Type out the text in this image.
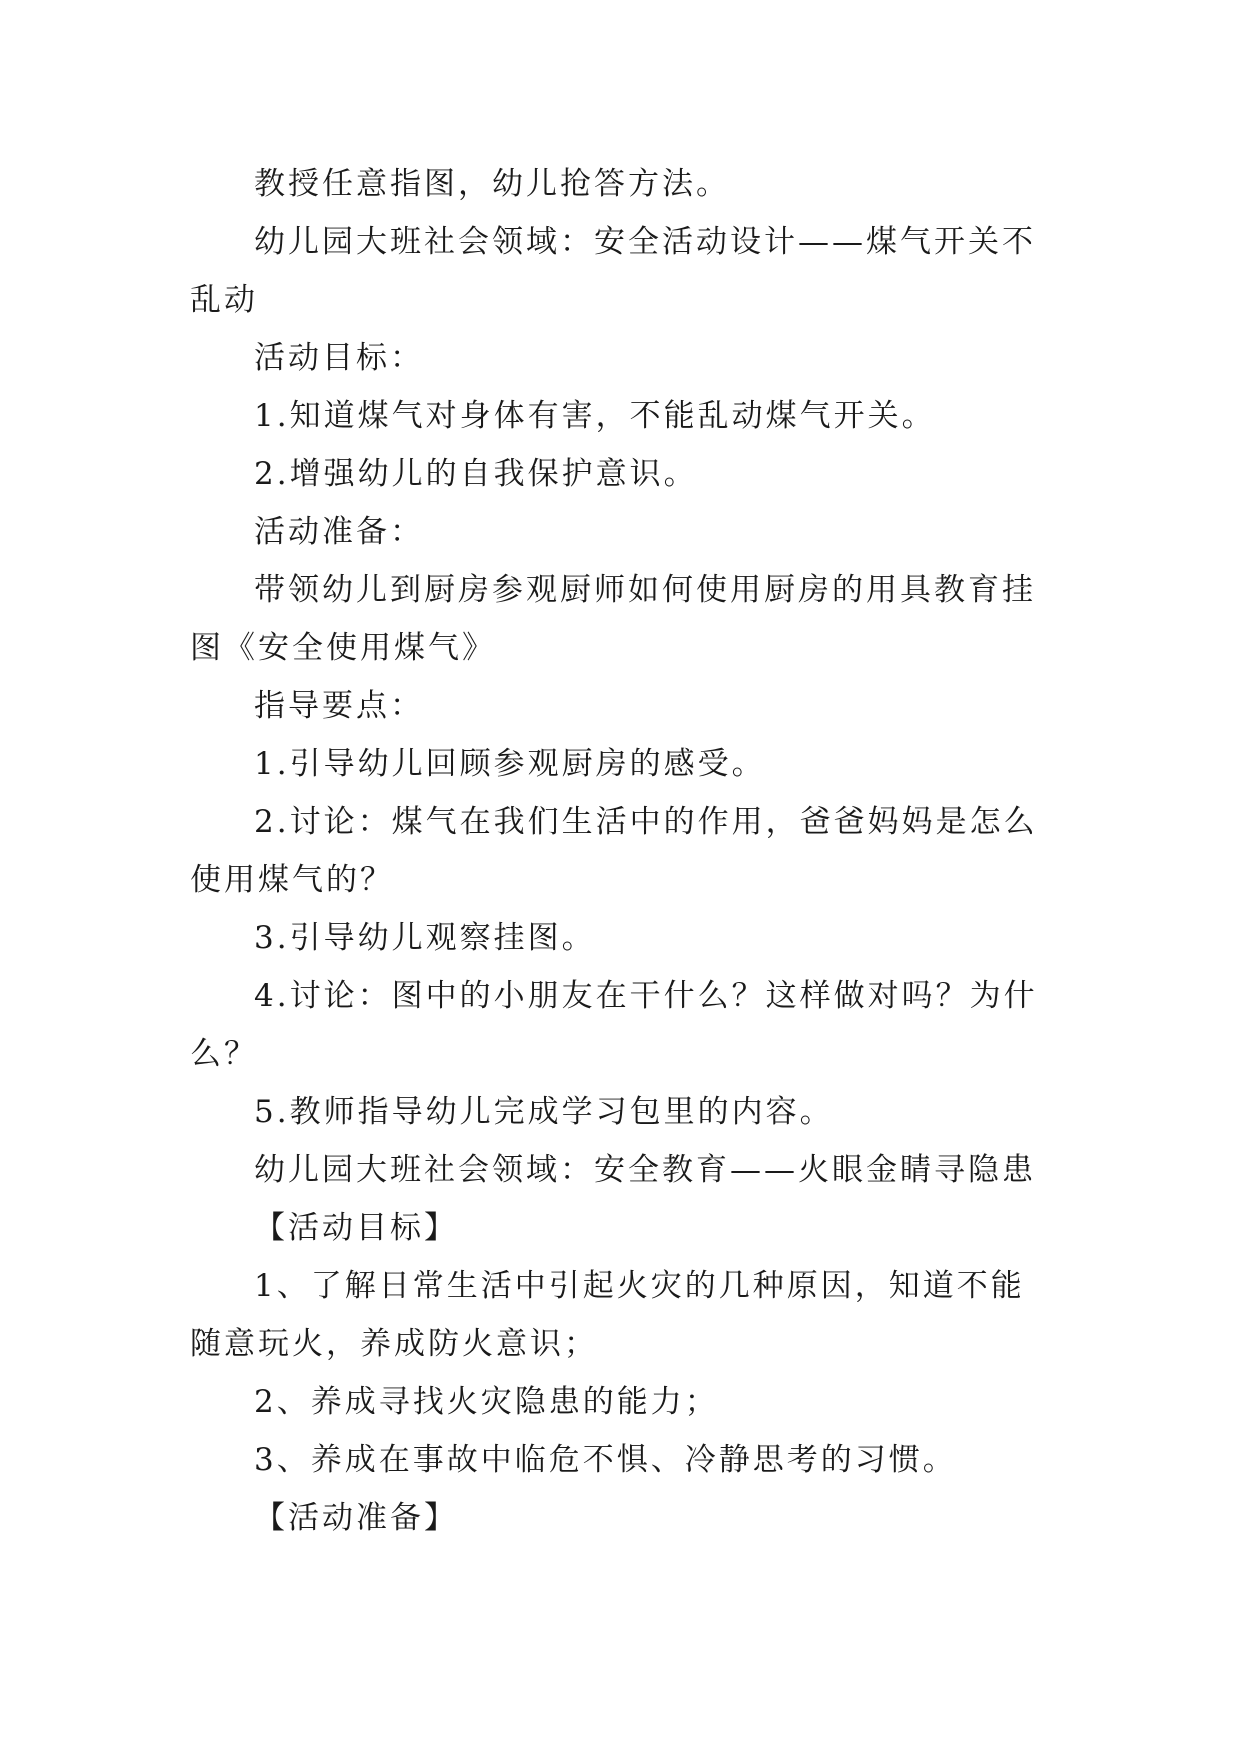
教授任意指图，幼儿抢答方法。

幼儿园大班社会领域：安全活动设计——煤气开关不乱动

活动目标：

1.知道煤气对身体有害，不能乱动煤气开关。

2.增强幼儿的自我保护意识。

活动准备：

带领幼儿到厨房参观厨师如何使用厨房的用具教育挂图《安全使用煤气》

指导要点：

1.引导幼儿回顾参观厨房的感受。

2.讨论：煤气在我们生活中的作用，爸爸妈妈是怎么使用煤气的？

3.引导幼儿观察挂图。

4.讨论：图中的小朋友在干什么？这样做对吗？为什么？

5.教师指导幼儿完成学习包里的内容。

幼儿园大班社会领域：安全教育——火眼金睛寻隐患

【活动目标】

1、了解日常生活中引起火灾的几种原因，知道不能随意玩火，养成防火意识；

2、养成寻找火灾隐患的能力；

3、养成在事故中临危不惧、冷静思考的习惯。

【活动准备】
